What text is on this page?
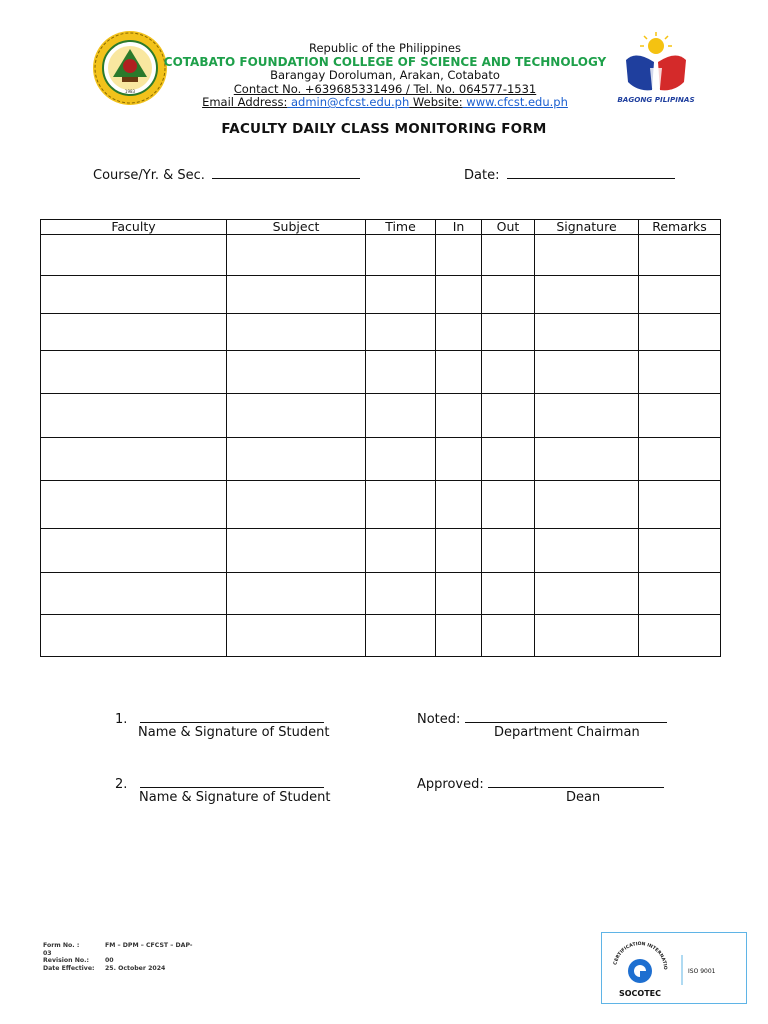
1983
Republic of the Philippines
COTABATO FOUNDATION COLLEGE OF SCIENCE AND TECHNOLOGY
Barangay Doroluman, Arakan, Cotabato
Contact No. +639685331496 / Tel. No. 064577-1531
Email Address: admin@cfcst.edu.ph Website: www.cfcst.edu.ph	BAGONG PILIPINAS
FACULTY DAILY CLASS MONITORING FORM
Course/Yr. & Sec.	Date:
Faculty	Subject	Time	In	Out	Signature	Remarks

1.
Name & Signature of Student
Noted:
Department Chairman
2.
Name & Signature of Student
Approved:
Dean
Form No. :	FM – DPM – CFCST – DAP-
03
Revision No.:	00
Date Effective: 25. October 2024
CERTIFICATION INTERNATIO
SOCOTEC
ISO 9001
